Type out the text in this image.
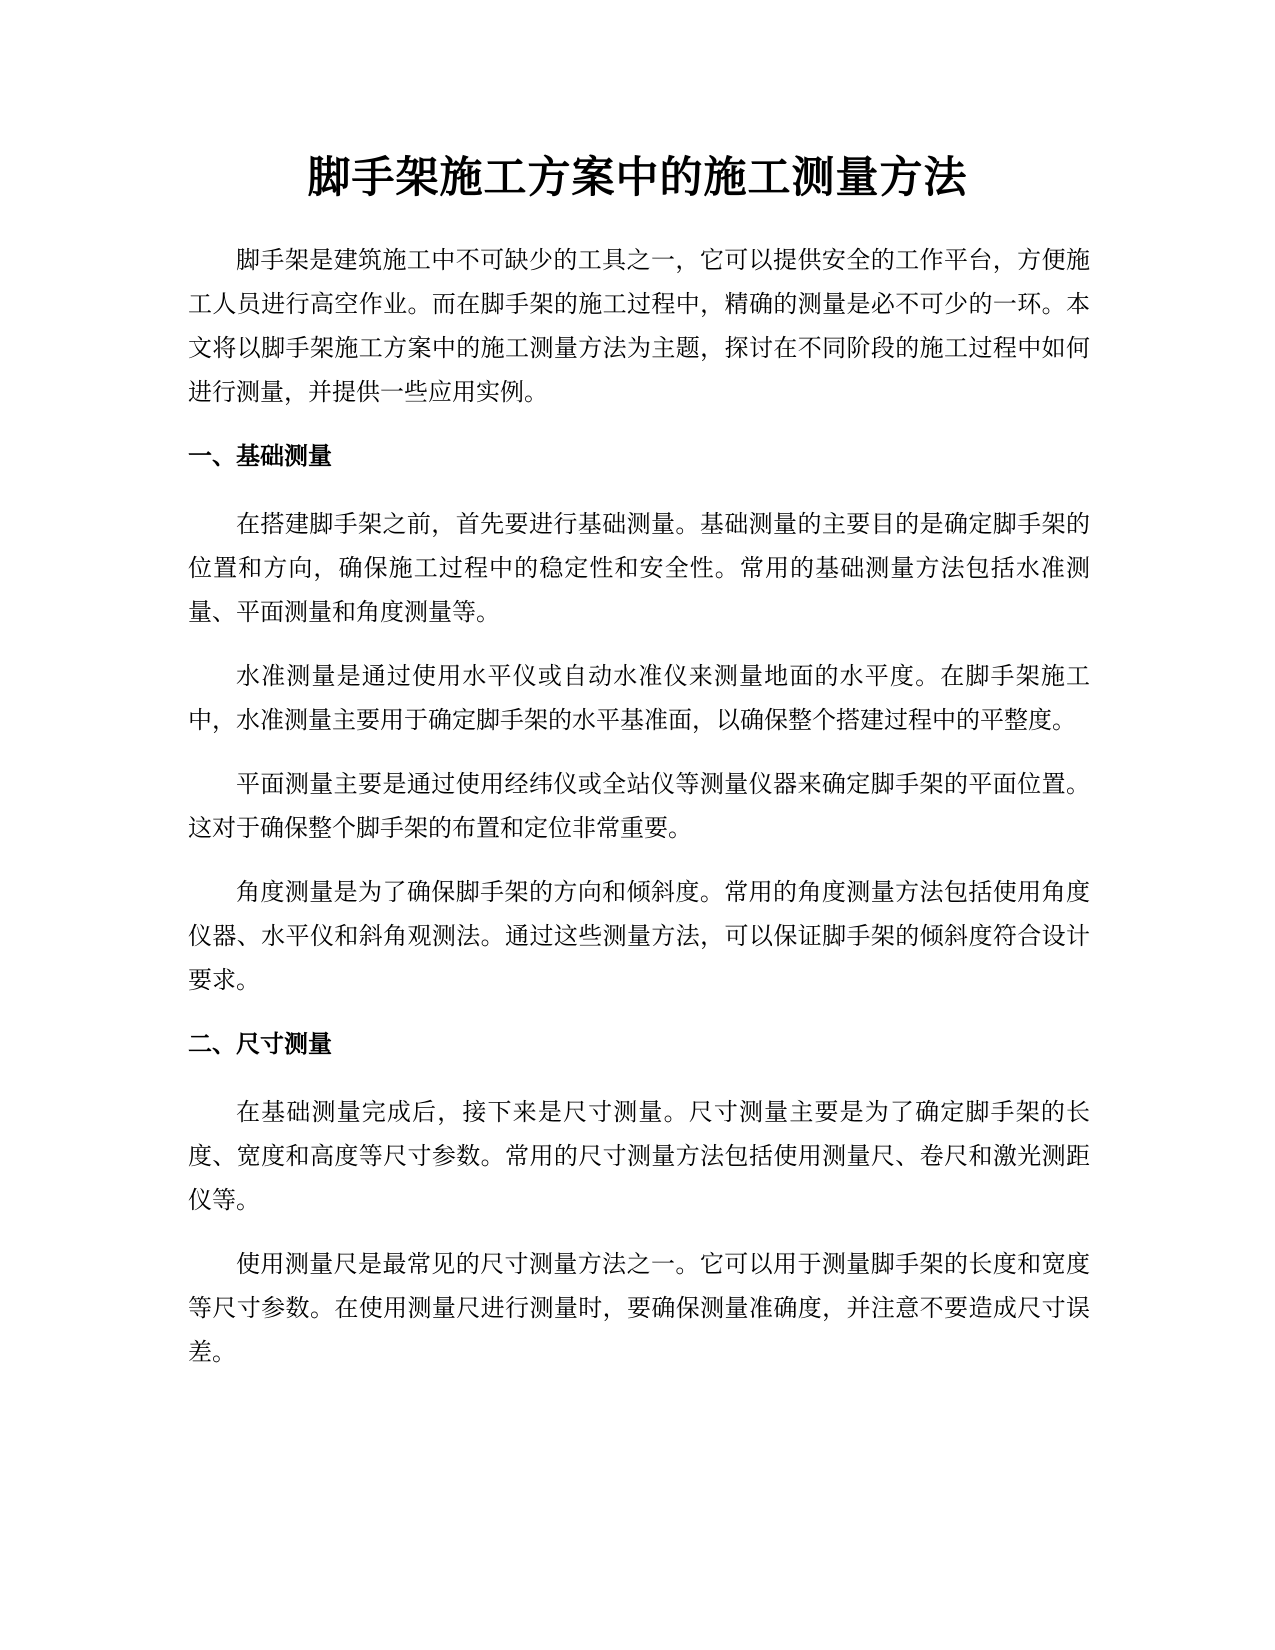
脚手架施工方案中的施工测量方法

脚手架是建筑施工中不可缺少的工具之一，它可以提供安全的工作平台，方便施工人员进行高空作业。而在脚手架的施工过程中，精确的测量是必不可少的一环。本文将以脚手架施工方案中的施工测量方法为主题，探讨在不同阶段的施工过程中如何进行测量，并提供一些应用实例。

一、基础测量

在搭建脚手架之前，首先要进行基础测量。基础测量的主要目的是确定脚手架的位置和方向，确保施工过程中的稳定性和安全性。常用的基础测量方法包括水准测量、平面测量和角度测量等。

水准测量是通过使用水平仪或自动水准仪来测量地面的水平度。在脚手架施工中，水准测量主要用于确定脚手架的水平基准面，以确保整个搭建过程中的平整度。

平面测量主要是通过使用经纬仪或全站仪等测量仪器来确定脚手架的平面位置。这对于确保整个脚手架的布置和定位非常重要。

角度测量是为了确保脚手架的方向和倾斜度。常用的角度测量方法包括使用角度仪器、水平仪和斜角观测法。通过这些测量方法，可以保证脚手架的倾斜度符合设计要求。

二、尺寸测量

在基础测量完成后，接下来是尺寸测量。尺寸测量主要是为了确定脚手架的长度、宽度和高度等尺寸参数。常用的尺寸测量方法包括使用测量尺、卷尺和激光测距仪等。

使用测量尺是最常见的尺寸测量方法之一。它可以用于测量脚手架的长度和宽度等尺寸参数。在使用测量尺进行测量时，要确保测量准确度，并注意不要造成尺寸误差。
